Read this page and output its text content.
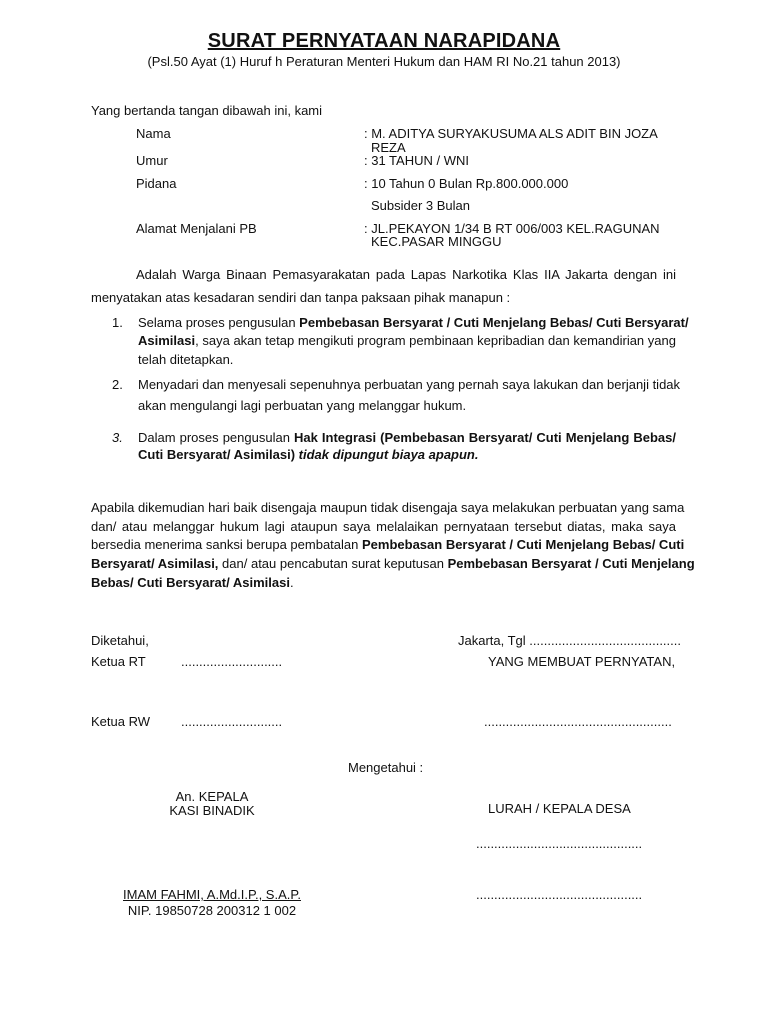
SURAT PERNYATAAN NARAPIDANA
(Psl.50 Ayat (1) Huruf h Peraturan Menteri Hukum dan HAM RI No.21 tahun 2013)
Yang bertanda tangan dibawah ini, kami
Nama	: M. ADITYA SURYAKUSUMA ALS ADIT BIN JOZA
REZA
Umur	: 31 TAHUN / WNI
Pidana	: 10 Tahun 0 Bulan Rp.800.000.000
Subsider 3 Bulan
Alamat Menjalani PB	: JL.PEKAYON 1/34 B RT 006/003 KEL.RAGUNAN
KEC.PASAR MINGGU
Adalah Warga Binaan Pemasyarakatan pada Lapas Narkotika Klas IIA Jakarta dengan ini
menyatakan atas kesadaran sendiri dan tanpa paksaan pihak manapun :
1. Selama proses pengusulan Pembebasan Bersyarat / Cuti Menjelang Bebas/ Cuti Bersyarat/
Asimilasi, saya akan tetap mengikuti program pembinaan kepribadian dan kemandirian yang
telah ditetapkan.
2. Menyadari dan menyesali sepenuhnya perbuatan yang pernah saya lakukan dan berjanji tidak
akan mengulangi lagi perbuatan yang melanggar hukum.
3. Dalam proses pengusulan Hak Integrasi (Pembebasan Bersyarat/ Cuti Menjelang Bebas/
Cuti Bersyarat/ Asimilasi) tidak dipungut biaya apapun.
Apabila dikemudian hari baik disengaja maupun tidak disengaja saya melakukan perbuatan yang sama
dan/ atau melanggar hukum lagi ataupun saya melalaikan pernyataan tersebut diatas, maka saya
bersedia menerima sanksi berupa pembatalan Pembebasan Bersyarat / Cuti Menjelang Bebas/ Cuti
Bersyarat/ Asimilasi, dan/ atau pencabutan surat keputusan Pembebasan Bersyarat / Cuti Menjelang
Bebas/ Cuti Bersyarat/ Asimilasi.
Diketahui,	Jakarta, Tgl ..........................................
Ketua RT	............................	YANG MEMBUAT PERNYATAN,
Ketua RW ............................	....................................................
Mengetahui :
An. KEPALA
KASI BINADIK	LURAH / KEPALA DESA
..............................................
IMAM FAHMI, A.Md.I.P., S.A.P.	..............................................
NIP. 19850728 200312 1 002
